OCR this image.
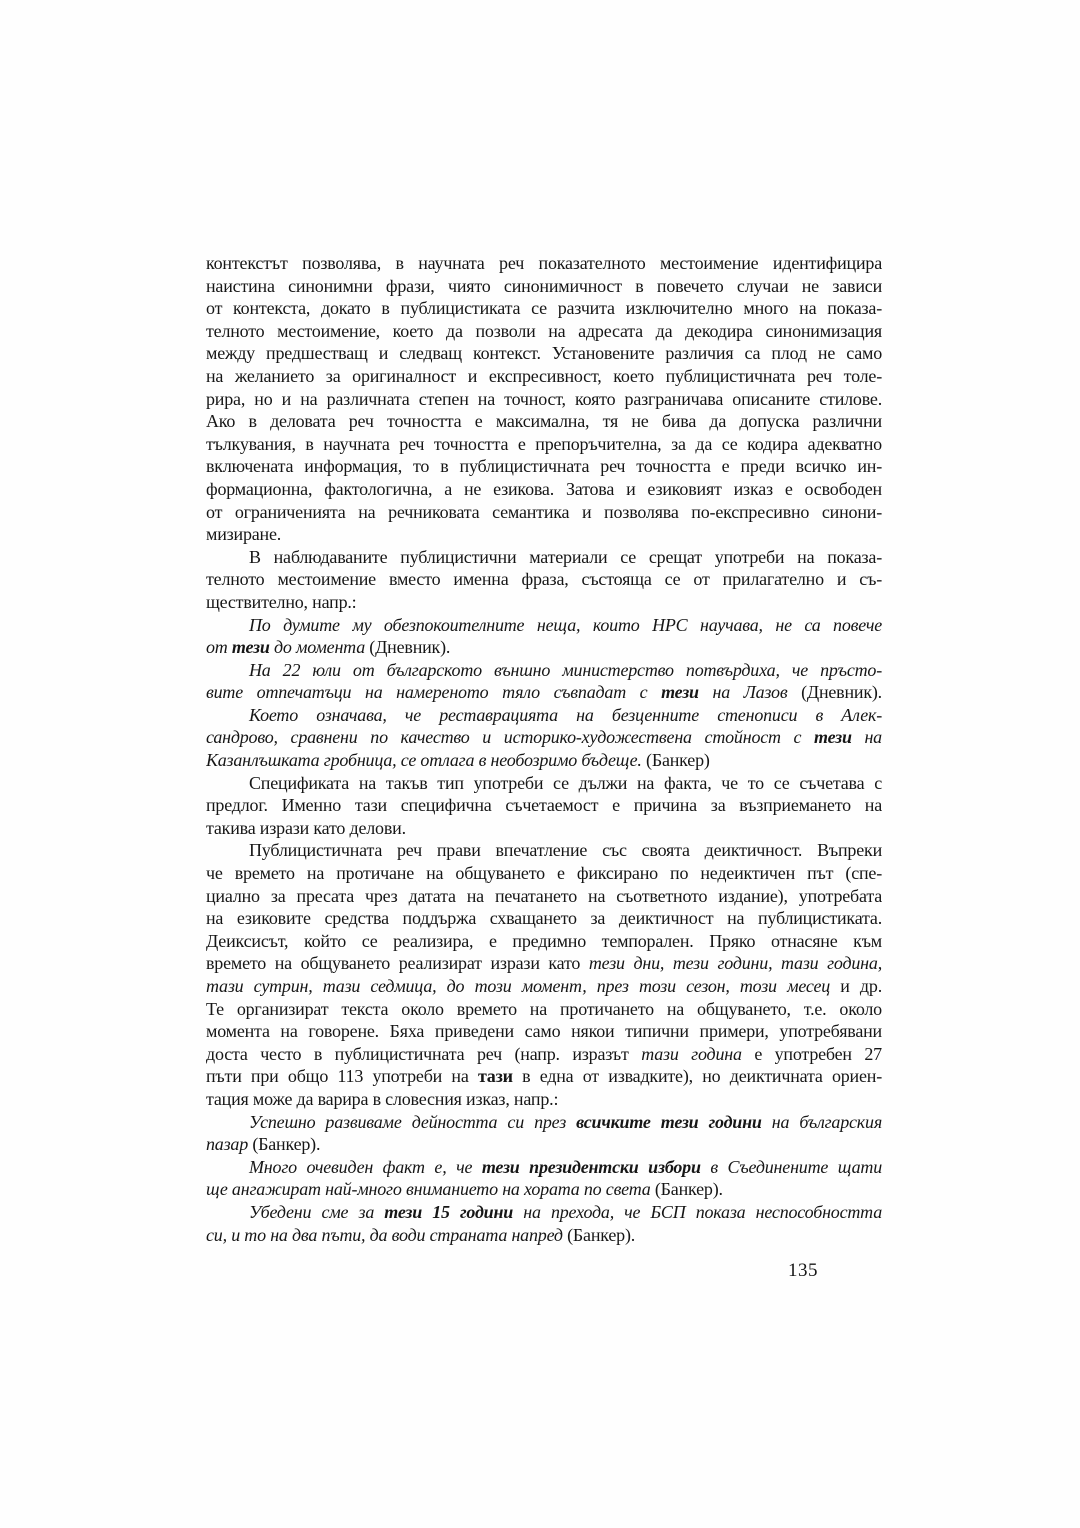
контекстът позволява, в научната реч показателното местоимение идентифицира
наистина синонимни фрази, чиято синонимичност в повечето случаи не зависи
от контекста, докато в публицистиката се разчита изключително много на показа-
телното местоимение, което да позволи на адресата да декодира синонимизация
между предшестващ и следващ контекст. Установените различия са плод не само
на желанието за оригиналност и експресивност, което публицистичната реч толе-
рира, но и на различната степен на точност, която разграничава описаните стилове.
Ако в деловата реч точността е максимална, тя не бива да допуска различни
тълкувания, в научната реч точността е препоръчителна, за да се кодира адекватно
включената информация, то в публицистичната реч точността е преди всичко ин-
формационна, фактологична, а не езикова. Затова и езиковият изказ е освободен
от ограниченията на речниковата семантика и позволява по-експресивно синони-
мизиране.
В наблюдаваните публицистични материали се срещат употреби на показа-
телното местоимение вместо именна фраза, състояща се от прилагателно и съ-
ществително, напр.:
По думите му обезпокоителните неща, които НРС научава, не са повече
от тези до момента (Дневник).
На 22 юли от българското външно министерство потвърдиха, че пръсто-
вите отпечатъци на намереното тяло съвпадат с тези на Лазов (Дневник).
Което означава, че реставрацията на безценните стенописи в Алек-
сандрово, сравнени по качество и историко-художествена стойност с тези на
Казанлъшката гробница, се отлага в необозримо бъдеще. (Банкер)
Спецификата на такъв тип употреби се дължи на факта, че то се съчетава с
предлог. Именно тази специфична съчетаемост е причина за възприемането на
такива изрази като делови.
Публицистичната реч прави впечатление със своята деиктичност. Въпреки
че времето на протичане на общуването е фиксирано по недеиктичен път (спе-
циално за пресата чрез датата на печатането на съответното издание), употребата
на езиковите средства поддържа схващането за деиктичност на публицистиката.
Деиксисът, който се реализира, е предимно темпорален. Пряко отнасяне към
времето на общуването реализират изрази като тези дни, тези години, тази година,
тази сутрин, тази седмица, до този момент, през този сезон, този месец и др.
Те организират текста около времето на протичането на общуването, т.е. около
момента на говорене. Бяха приведени само някои типични примери, употребявани
доста често в публицистичната реч (напр. изразът тази година е употребен 27
пъти при общо 113 употреби на тази в една от извадките), но деиктичната ориен-
тация може да варира в словесния изказ, напр.:
Успешно развиваме дейността си през всичките тези години на българския
пазар (Банкер).
Много очевиден факт е, че тези президентски избори в Съединените щати
ще ангажират най-много вниманието на хората по света (Банкер).
Убедени сме за тези 15 години на прехода, че БСП показа неспособността
си, и то на два пъти, да води страната напред (Банкер).
135
